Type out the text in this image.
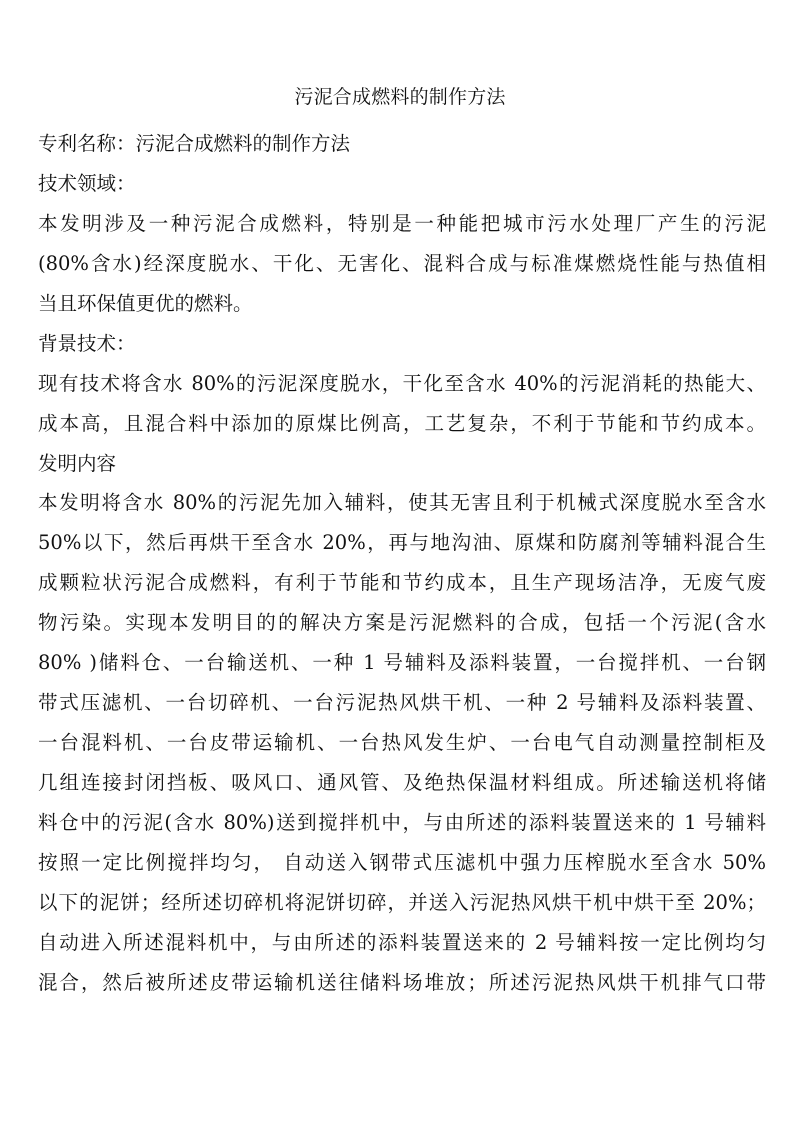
污泥合成燃料的制作方法
专利名称：污泥合成燃料的制作方法
技术领域：
本发明涉及一种污泥合成燃料，特别是一种能把城市污水处理厂产生的污泥
(80%含水)经深度脱水、干化、无害化、混料合成与标准煤燃烧性能与热值相
当且环保值更优的燃料。
背景技术：
现有技术将含水 80%的污泥深度脱水，干化至含水 40%的污泥消耗的热能大、
成本高，且混合料中添加的原煤比例高，工艺复杂，不利于节能和节约成本。
发明内容
本发明将含水 80%的污泥先加入辅料，使其无害且利于机械式深度脱水至含水
50%以下，然后再烘干至含水 20%，再与地沟油、原煤和防腐剂等辅料混合生
成颗粒状污泥合成燃料，有利于节能和节约成本，且生产现场洁净，无废气废
物污染。实现本发明目的的解决方案是污泥燃料的合成，包括一个污泥(含水
80% )储料仓、一台输送机、一种 1 号辅料及添料装置，一台搅拌机、一台钢
带式压滤机、一台切碎机、一台污泥热风烘干机、一种 2 号辅料及添料装置、
一台混料机、一台皮带运输机、一台热风发生炉、一台电气自动测量控制柜及
几组连接封闭挡板、吸风口、通风管、及绝热保温材料组成。所述输送机将储
料仓中的污泥(含水 80%)送到搅拌机中，与由所述的添料装置送来的 1 号辅料
按照一定比例搅拌均匀， 自动送入钢带式压滤机中强力压榨脱水至含水 50%
以下的泥饼；经所述切碎机将泥饼切碎，并送入污泥热风烘干机中烘干至 20%；
自动进入所述混料机中，与由所述的添料装置送来的 2 号辅料按一定比例均匀
混合，然后被所述皮带运输机送往储料场堆放；所述污泥热风烘干机排气口带
